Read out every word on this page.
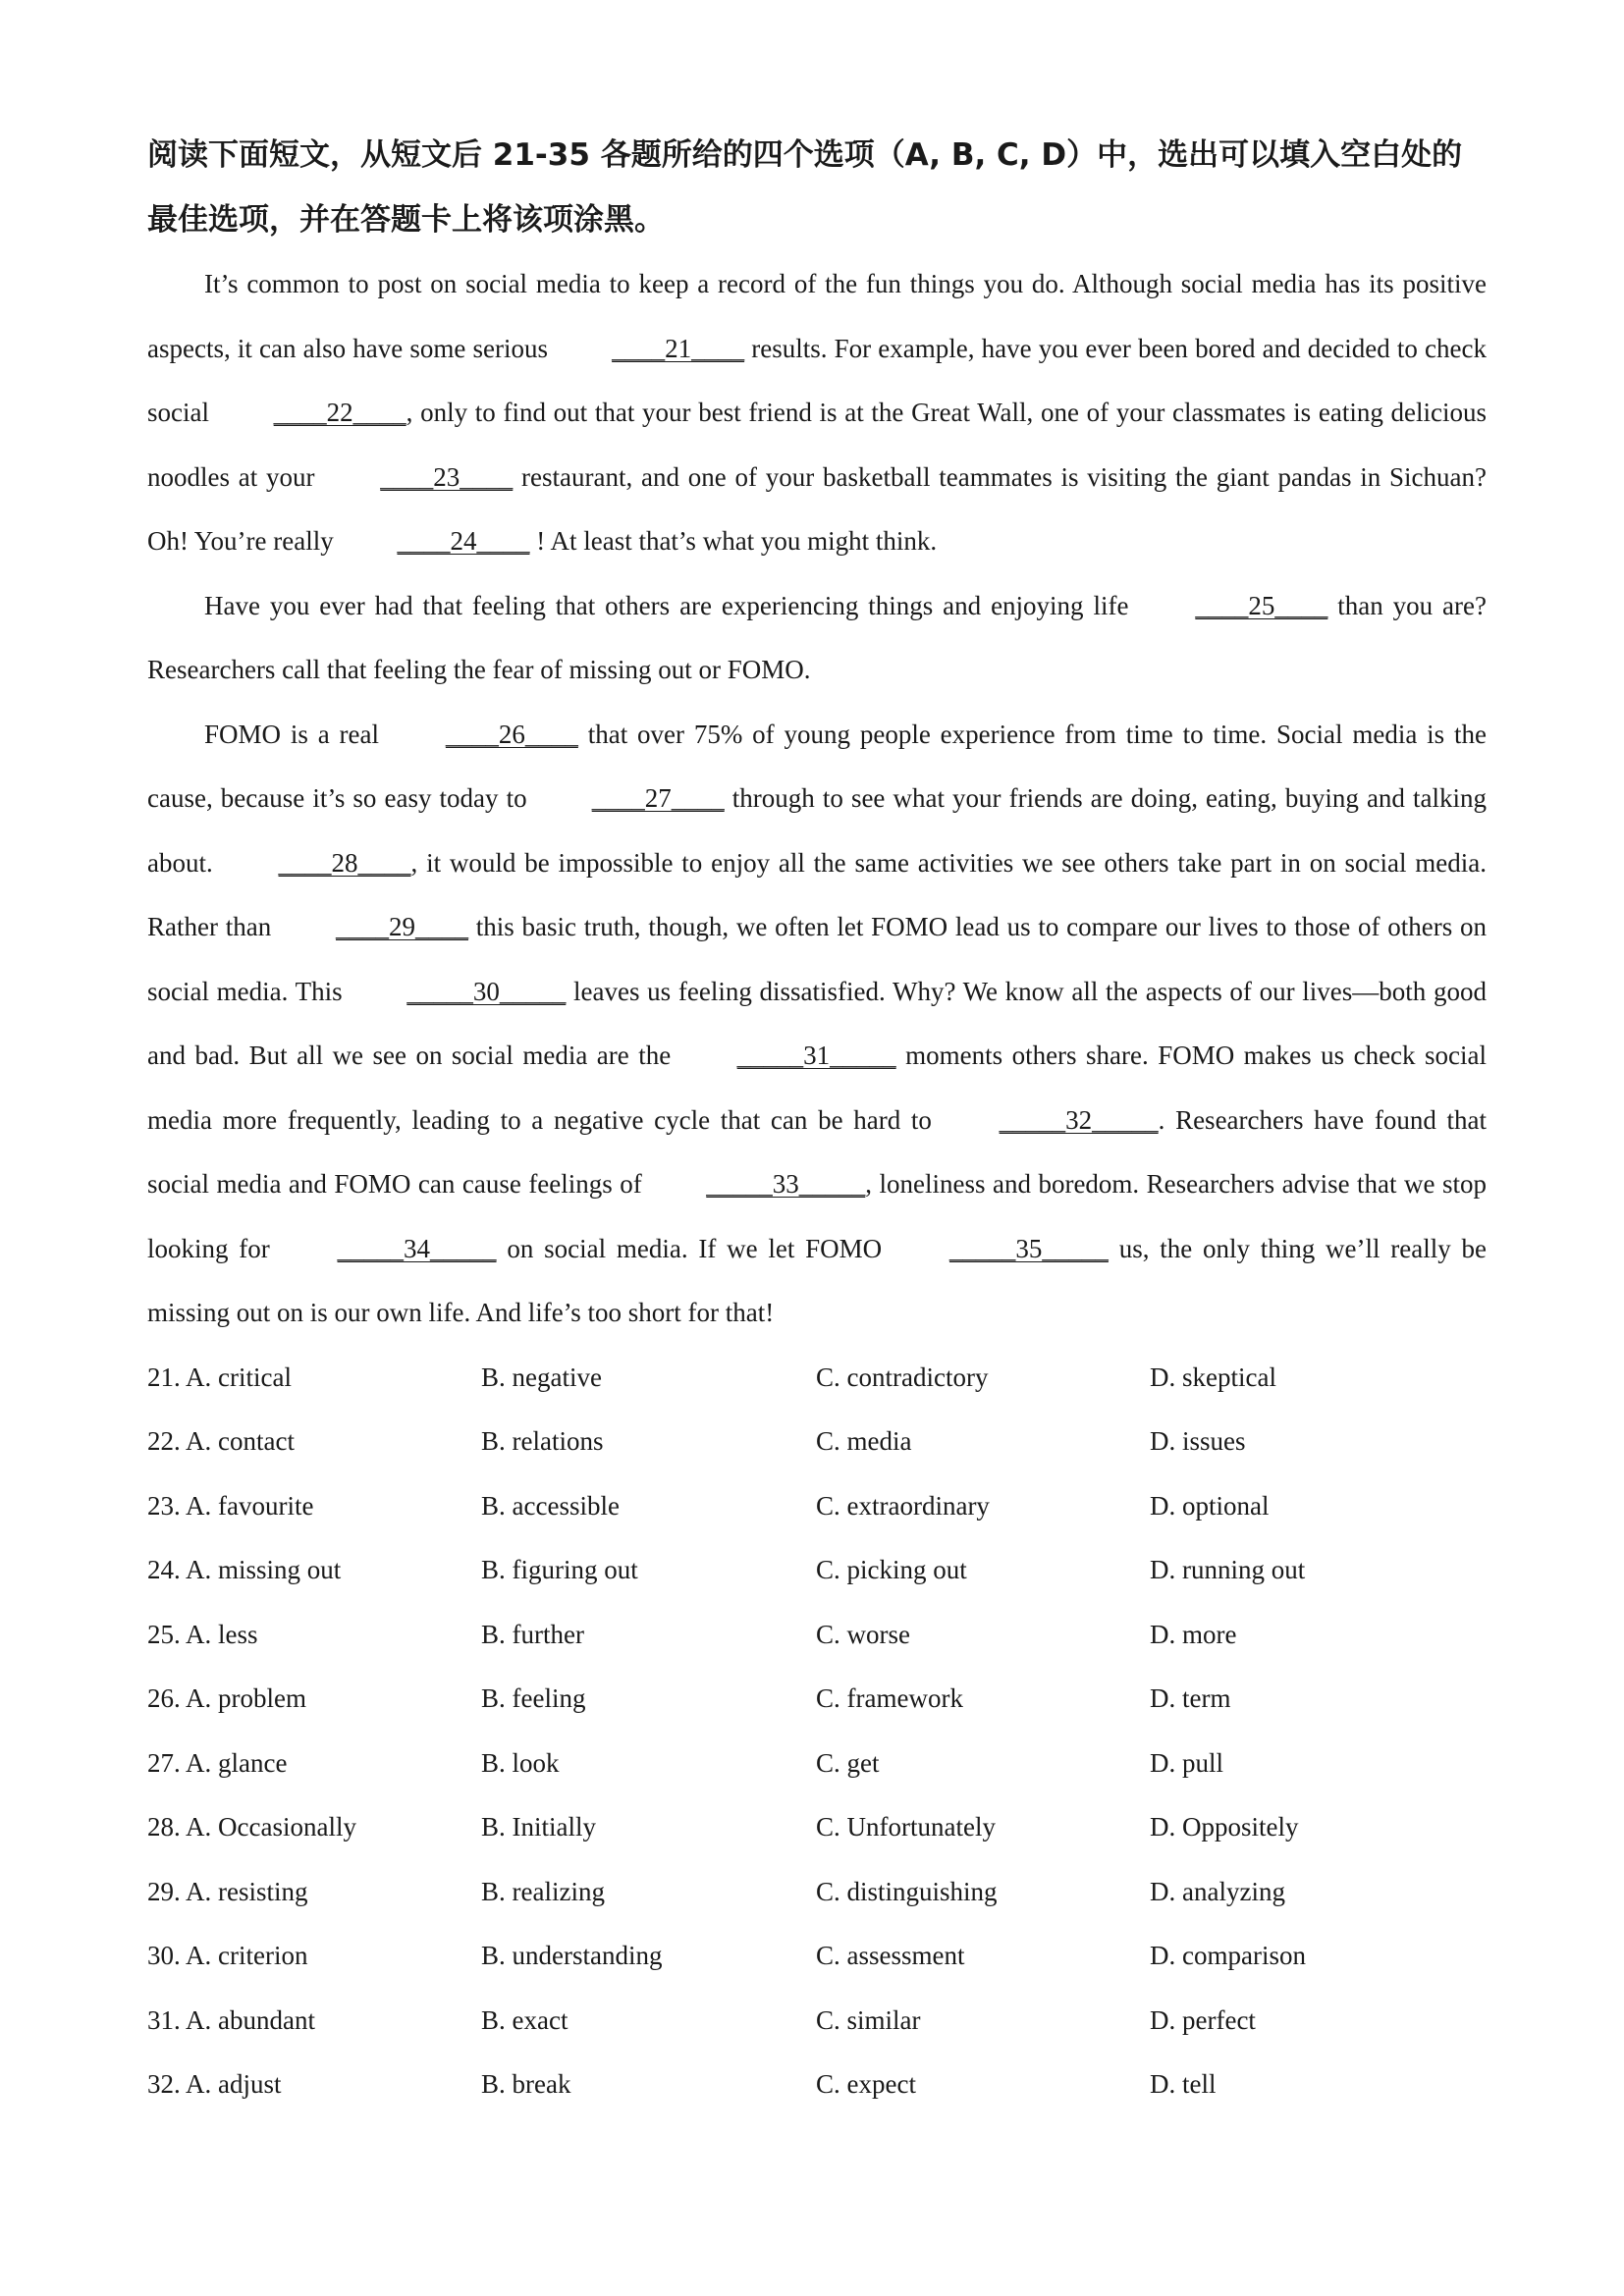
阅读下面短文，从短文后 21-35 各题所给的四个选项（A, B, C, D）中，选出可以填入空白处的最佳选项，并在答题卡上将该项涂黑。

It’s common to post on social media to keep a record of the fun things you do. Although social media has its positive aspects, it can also have some serious ____21____ results. For example, have you ever been bored and decided to check social ____22____, only to find out that your best friend is at the Great Wall, one of your classmates is eating delicious noodles at your ____23____ restaurant, and one of your basketball teammates is visiting the giant pandas in Sichuan? Oh! You’re really ____24____ ! At least that’s what you might think.

Have you ever had that feeling that others are experiencing things and enjoying life ____25____ than you are? Researchers call that feeling the fear of missing out or FOMO.

FOMO is a real ____26____ that over 75% of young people experience from time to time. Social media is the cause, because it’s so easy today to ____27____ through to see what your friends are doing, eating, buying and talking about. ____28____, it would be impossible to enjoy all the same activities we see others take part in on social media. Rather than ____29____ this basic truth, though, we often let FOMO lead us to compare our lives to those of others on social media. This _____30_____ leaves us feeling dissatisfied. Why? We know all the aspects of our lives—both good and bad. But all we see on social media are the _____31_____ moments others share. FOMO makes us check social media more frequently, leading to a negative cycle that can be hard to _____32_____. Researchers have found that social media and FOMO can cause feelings of _____33_____, loneliness and boredom. Researchers advise that we stop looking for _____34_____ on social media. If we let FOMO _____35_____ us, the only thing we’ll really be missing out on is our own life. And life’s too short for that!

21. A. critical	B. negative	C. contradictory	D. skeptical
22. A. contact	B. relations	C. media	D. issues
23. A. favourite	B. accessible	C. extraordinary	D. optional
24. A. missing out	B. figuring out	C. picking out	D. running out
25. A. less	B. further	C. worse	D. more
26. A. problem	B. feeling	C. framework	D. term
27. A. glance	B. look	C. get	D. pull
28. A. Occasionally	B. Initially	C. Unfortunately	D. Oppositely
29. A. resisting	B. realizing	C. distinguishing	D. analyzing
30. A. criterion	B. understanding	C. assessment	D. comparison
31. A. abundant	B. exact	C. similar	D. perfect
32. A. adjust	B. break	C. expect	D. tell
